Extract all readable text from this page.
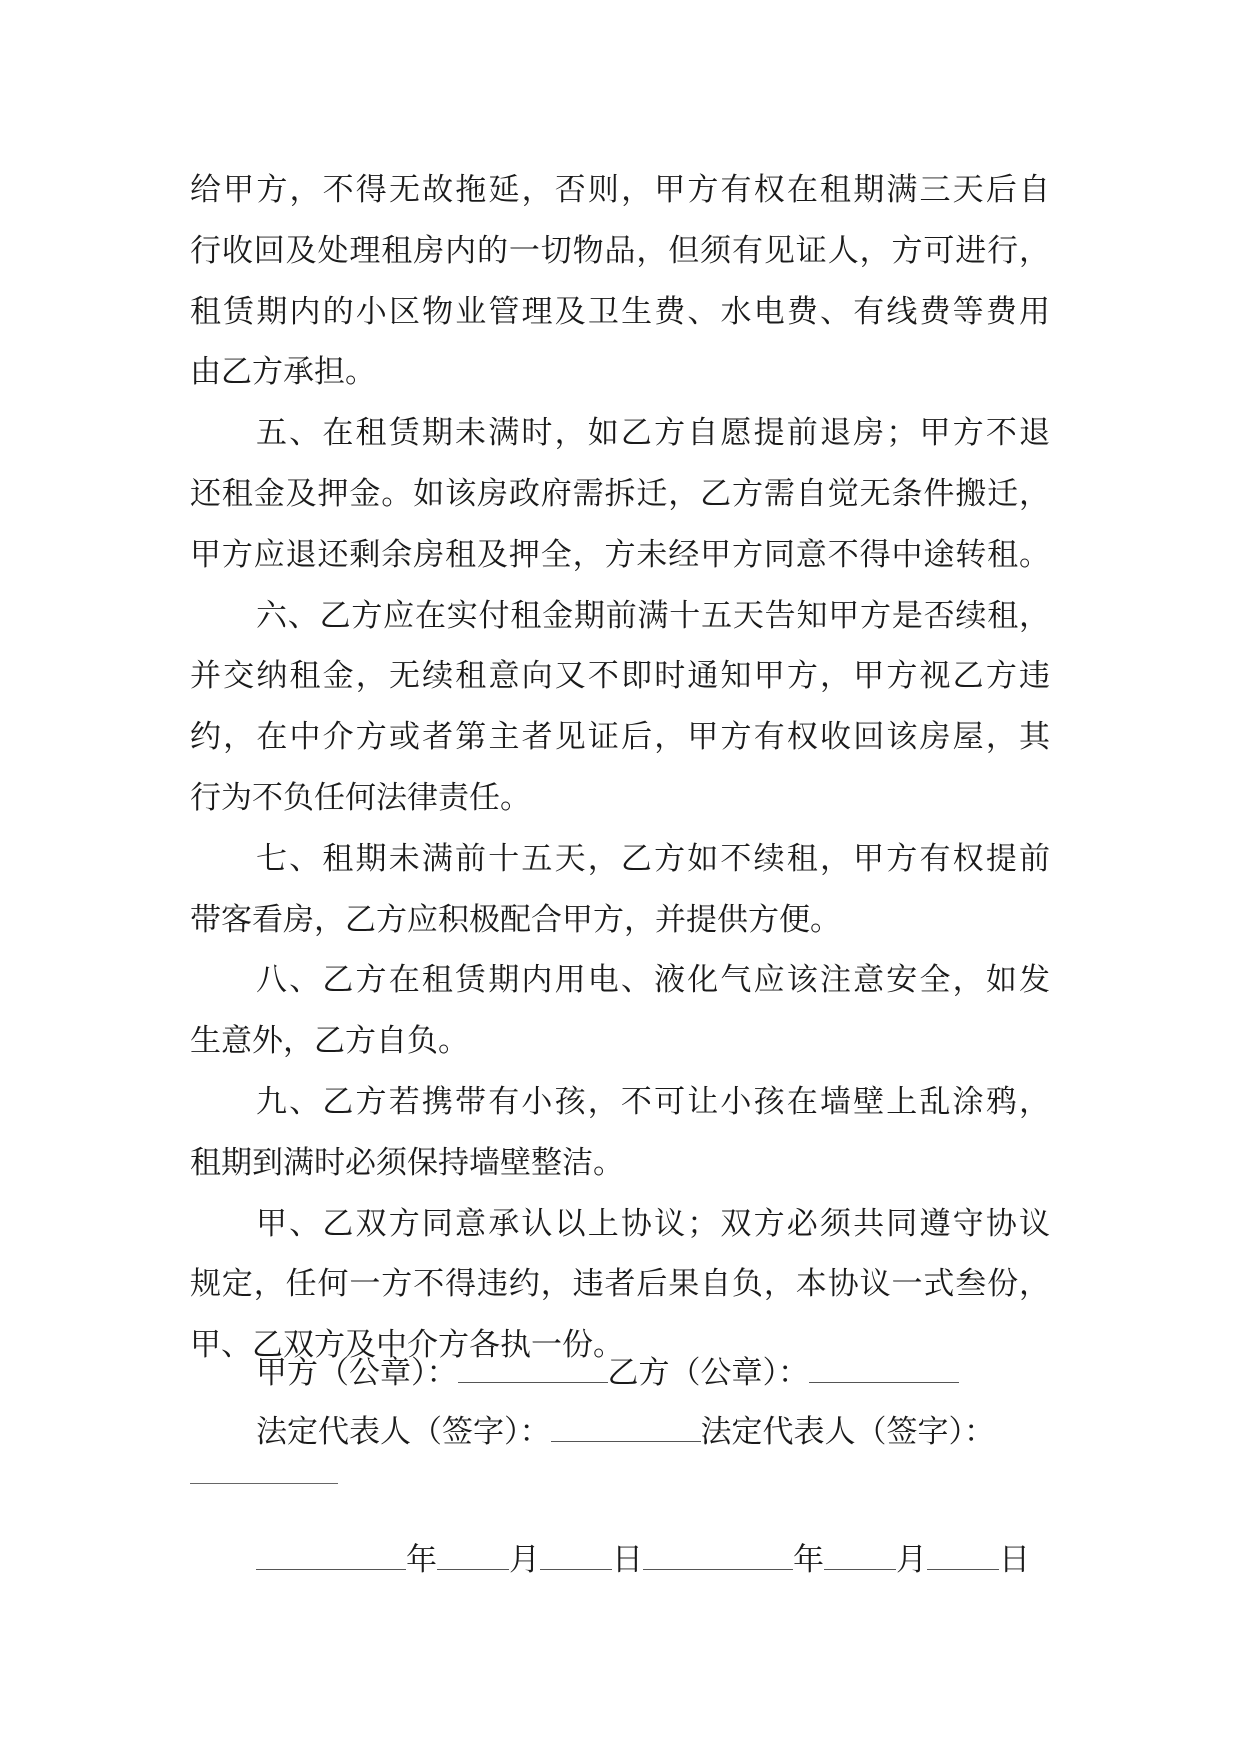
给甲方，不得无故拖延，否则，甲方有权在租期满三天后自
行收回及处理租房内的一切物品，但须有见证人，方可进行，
租赁期内的小区物业管理及卫生费、水电费、有线费等费用
由乙方承担。
五、在租赁期未满时，如乙方自愿提前退房；甲方不退
还租金及押金。如该房政府需拆迁，乙方需自觉无条件搬迁，
甲方应退还剩余房租及押全，方未经甲方同意不得中途转租。
六、乙方应在实付租金期前满十五天告知甲方是否续租，
并交纳租金，无续租意向又不即时通知甲方，甲方视乙方违
约，在中介方或者第主者见证后，甲方有权收回该房屋，其
行为不负任何法律责任。
七、租期未满前十五天，乙方如不续租，甲方有权提前
带客看房，乙方应积极配合甲方，并提供方便。
八、乙方在租赁期内用电、液化气应该注意安全，如发
生意外，乙方自负。
九、乙方若携带有小孩，不可让小孩在墙壁上乱涂鸦，
租期到满时必须保持墙壁整洁。
甲、乙双方同意承认以上协议；双方必须共同遵守协议
规定，任何一方不得违约，违者后果自负，本协议一式叁份，
甲、乙双方及中介方各执一份。
甲方（公章）：	乙方（公章）：
法定代表人（签字）：	法定代表人（签字）：
年 月 日	年 月 日
